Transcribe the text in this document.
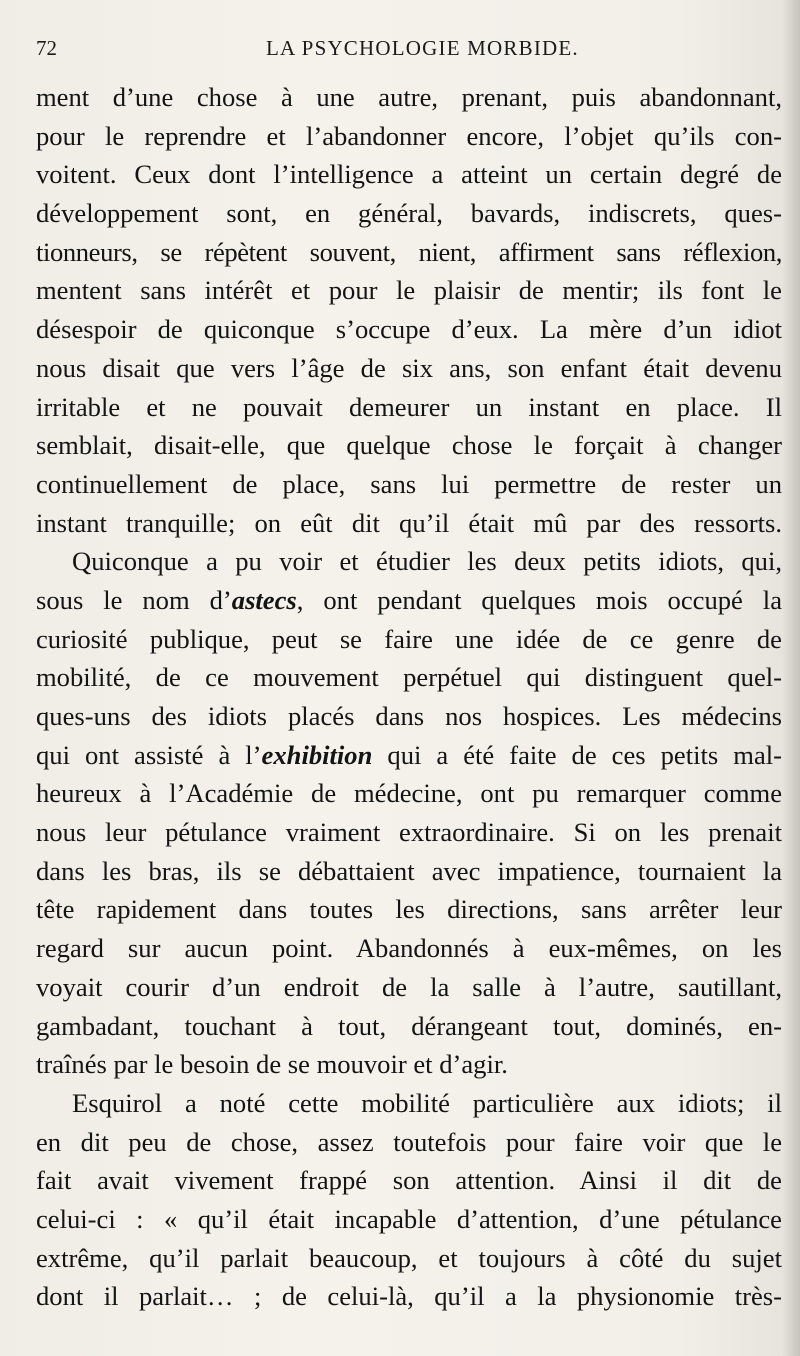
72	LA PSYCHOLOGIE MORBIDE.
ment d’une chose à une autre, prenant, puis abandonnant,
pour le reprendre et l’abandonner encore, l’objet qu’ils con-
voitent. Ceux dont l’intelligence a atteint un certain degré de
développement sont, en général, bavards, indiscrets, ques-
tionneurs, se répètent souvent, nient, affirment sans réflexion,
mentent sans intérêt et pour le plaisir de mentir; ils font le
désespoir de quiconque s’occupe d’eux. La mère d’un idiot
nous disait que vers l’âge de six ans, son enfant était devenu
irritable et ne pouvait demeurer un instant en place. Il
semblait, disait-elle, que quelque chose le forçait à changer
continuellement de place, sans lui permettre de rester un
instant tranquille; on eût dit qu’il était mû par des ressorts.
Quiconque a pu voir et étudier les deux petits idiots, qui,
sous le nom d’astecs, ont pendant quelques mois occupé la
curiosité publique, peut se faire une idée de ce genre de
mobilité, de ce mouvement perpétuel qui distinguent quel-
ques-uns des idiots placés dans nos hospices. Les médecins
qui ont assisté à l’exhibition qui a été faite de ces petits mal-
heureux à l’Académie de médecine, ont pu remarquer comme
nous leur pétulance vraiment extraordinaire. Si on les prenait
dans les bras, ils se débattaient avec impatience, tournaient la
tête rapidement dans toutes les directions, sans arrêter leur
regard sur aucun point. Abandonnés à eux-mêmes, on les
voyait courir d’un endroit de la salle à l’autre, sautillant,
gambadant, touchant à tout, dérangeant tout, dominés, en-
traînés par le besoin de se mouvoir et d’agir.
Esquirol a noté cette mobilité particulière aux idiots; il
en dit peu de chose, assez toutefois pour faire voir que le
fait avait vivement frappé son attention. Ainsi il dit de
celui-ci : « qu’il était incapable d’attention, d’une pétulance
extrême, qu’il parlait beaucoup, et toujours à côté du sujet
dont il parlait… ; de celui-là, qu’il a la physionomie très-
